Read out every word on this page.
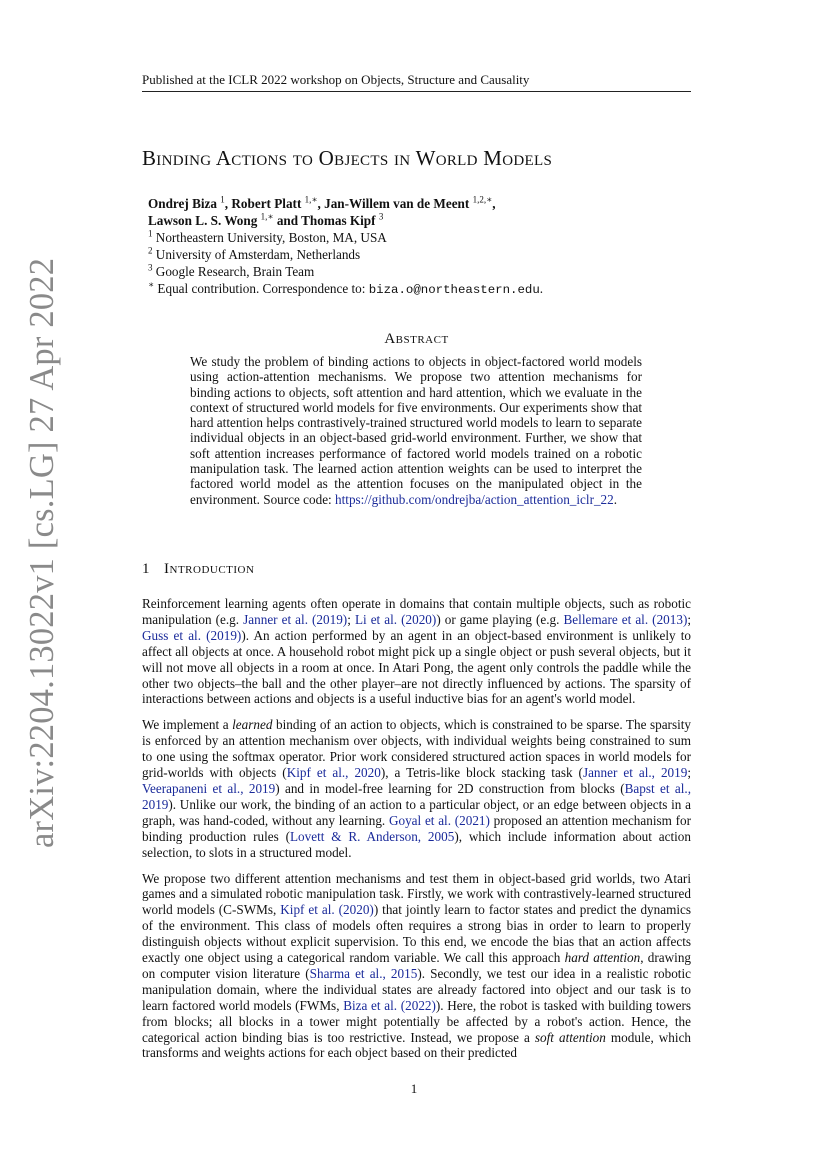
Published at the ICLR 2022 workshop on Objects, Structure and Causality
arXiv:2204.13022v1 [cs.LG] 27 Apr 2022
Binding Actions to Objects in World Models
Ondrej Biza $^1$, Robert Platt $^{1,∗}$, Jan-Willem van de Meent $^{1,2,∗}$,
Lawson L. S. Wong $^{1,∗}$ and Thomas Kipf $^3$
$^1$ Northeastern University, Boston, MA, USA
$^2$ University of Amsterdam, Netherlands
$^3$ Google Research, Brain Team
∗ Equal contribution. Correspondence to: biza.o@northeastern.edu.
Abstract
We study the problem of binding actions to objects in object-factored world models using action-attention mechanisms. We propose two attention mechanisms for binding actions to objects, soft attention and hard attention, which we evaluate in the context of structured world models for five environments. Our experiments show that hard attention helps contrastively-trained structured world models to learn to separate individual objects in an object-based grid-world environment. Further, we show that soft attention increases performance of factored world models trained on a robotic manipulation task. The learned action attention weights can be used to interpret the factored world model as the attention focuses on the manipulated object in the environment. Source code: https://github.com/ondrejba/action_attention_iclr_22.
1 Introduction

Reinforcement learning agents often operate in domains that contain multiple objects, such as robotic manipulation (e.g. Janner et al. (2019); Li et al. (2020)) or game playing (e.g. Bellemare et al. (2013); Guss et al. (2019)). An action performed by an agent in an object-based environment is unlikely to affect all objects at once. A household robot might pick up a single object or push several objects, but it will not move all objects in a room at once. In Atari Pong, the agent only controls the paddle while the other two objects–the ball and the other player–are not directly influenced by actions. The sparsity of interactions between actions and objects is a useful inductive bias for an agent's world model.

We implement a learned binding of an action to objects, which is constrained to be sparse. The sparsity is enforced by an attention mechanism over objects, with individual weights being constrained to sum to one using the softmax operator. Prior work considered structured action spaces in world models for grid-worlds with objects (Kipf et al., 2020), a Tetris-like block stacking task (Janner et al., 2019; Veerapaneni et al., 2019) and in model-free learning for 2D construction from blocks (Bapst et al., 2019). Unlike our work, the binding of an action to a particular object, or an edge between objects in a graph, was hand-coded, without any learning. Goyal et al. (2021) proposed an attention mechanism for binding production rules (Lovett & R. Anderson, 2005), which include information about action selection, to slots in a structured model.

We propose two different attention mechanisms and test them in object-based grid worlds, two Atari games and a simulated robotic manipulation task. Firstly, we work with contrastively-learned structured world models (C-SWMs, Kipf et al. (2020)) that jointly learn to factor states and predict the dynamics of the environment. This class of models often requires a strong bias in order to learn to properly distinguish objects without explicit supervision. To this end, we encode the bias that an action affects exactly one object using a categorical random variable. We call this approach hard attention, drawing on computer vision literature (Sharma et al., 2015). Secondly, we test our idea in a realistic robotic manipulation domain, where the individual states are already factored into object and our task is to learn factored world models (FWMs, Biza et al. (2022)). Here, the robot is tasked with building towers from blocks; all blocks in a tower might potentially be affected by a robot's action. Hence, the categorical action binding bias is too restrictive. Instead, we propose a soft attention module, which transforms and weights actions for each object based on their predicted

1
